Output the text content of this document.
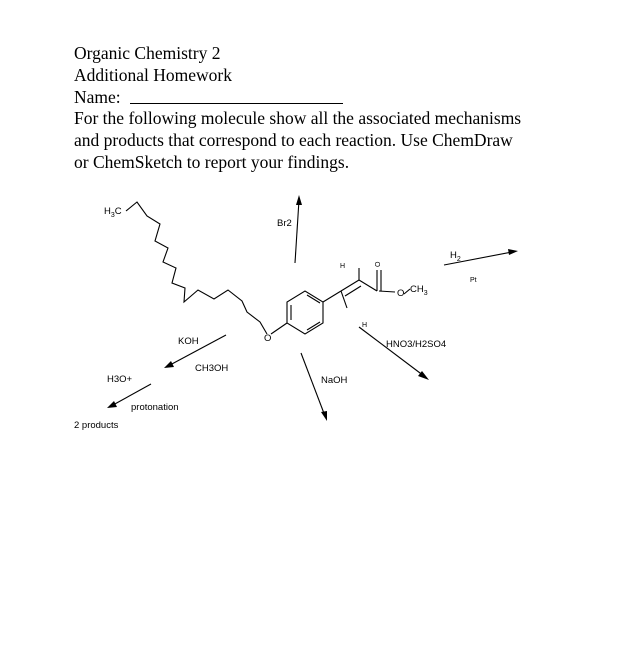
Organic Chemistry 2
Additional Homework
Name:
For the following molecule show all the associated mechanisms
and products that correspond to each reaction. Use ChemDraw
or ChemSketch to report your findings.
$H_3C$
O
H
H	O
O $CH_3$
Br2
$H_2$
Pt
HNO3/H2SO4
NaOH
KOH
CH3OH
H3O+
protonation
2 products
